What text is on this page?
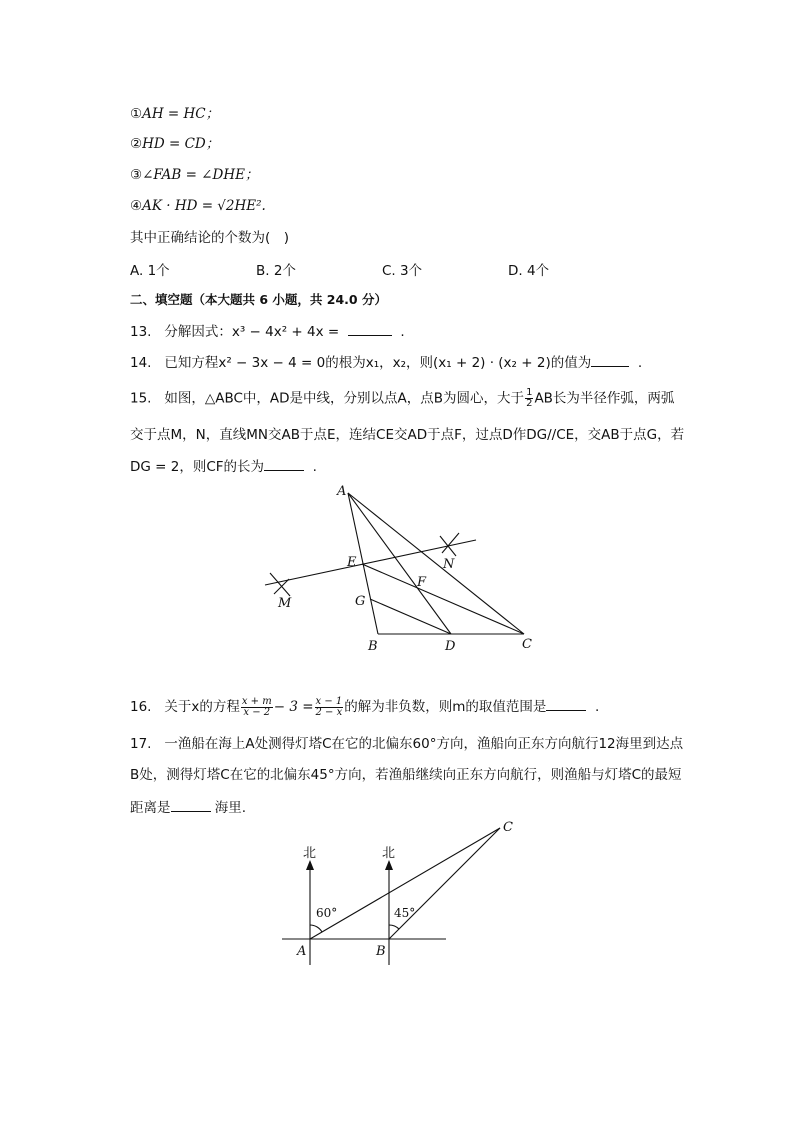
①AH = HC；
②HD = CD；
③∠FAB = ∠DHE；
④AK · HD = √2HE².
其中正确结论的个数为(　)
A. 1个	B. 2个	C. 3个	D. 4个
二、填空题（本大题共 6 小题，共 24.0 分）
13. 分解因式：x³ − 4x² + 4x =	.
14. 已知方程x² − 3x − 4 = 0的根为x₁，x₂，则(x₁ + 2) · (x₂ + 2)的值为	.
15. 如图，△ABC中，AD是中线，分别以点A，点B为圆心，大于 $\frac{1}{2}$ AB长为半径作弧，两弧
交于点M，N，直线MN交AB于点E，连结CE交AD于点F，过点D作DG//CE，交AB于点G，若
DG = 2，则CF的长为	.
A
B	C
D
E
F
G
M
N
北	北
60°	45°
A	B
C
16. 关于x的方程 $\frac{x + m}{x - 2} - 3 = \frac{x - 1}{2 - x}$ 的解为非负数，则m的取值范围是	.
17. 一渔船在海上A处测得灯塔C在它的北偏东60°方向，渔船向正东方向航行12海里到达点
B处，测得灯塔C在它的北偏东45°方向，若渔船继续向正东方向航行，则渔船与灯塔C的最短
距离是	海里.
